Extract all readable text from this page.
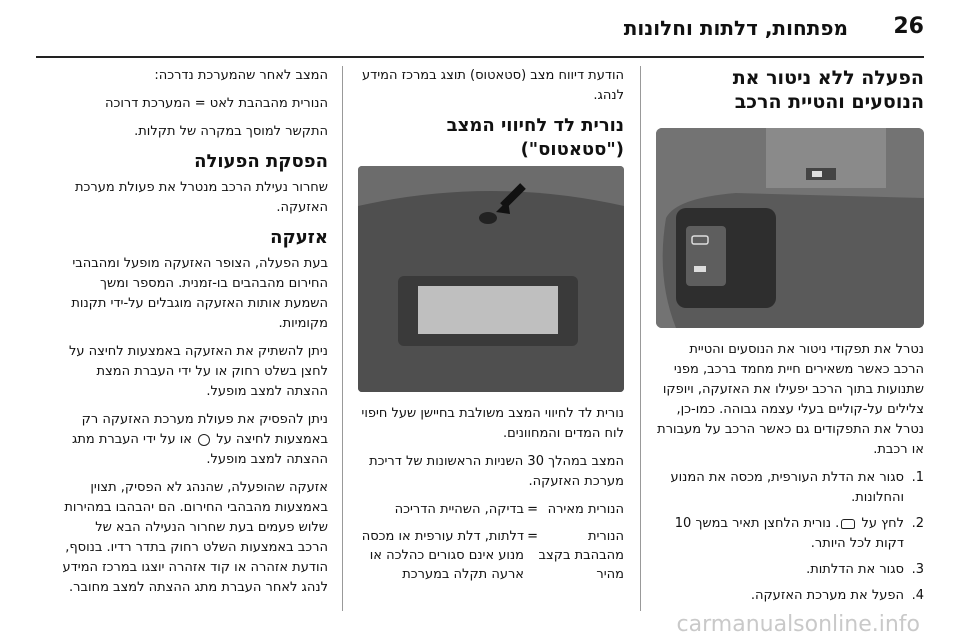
26
מפתחות, דלתות וחלונות
הפעלה ללא ניטור את הנוסעים והטיית הרכב
נטרל את תפקודי ניטור את הנוסעים והטיית הרכב כאשר משאירים חיית מחמד ברכב, מפני שתנועות בתוך הרכב יפעילו את האזעקה, ויופקו צלילים על-קוליים בעלי עצמה גבוהה. כמו-כן, נטרל את התפקודים גם כאשר הרכב על מעבורת או רכבת.
1.
סגור את הדלת העורפית, מכסה את המנוע והחלונות.
2.
לחץ על . נורית הלחצן תאיר במשך 10 דקות לכל היותר.
3.
סגור את הדלתות.
4.
הפעל את מערכת האזעקה.
הודעת דיווח מצב (סטאטוס) תוצג במרכז המידע לנהג.
נורית לד לחיווי המצב ("סטאטוס")
נורית לד לחיווי המצב משולבת בחיישן שעל חיפוי לוח המדים והמחוונים.
המצב במהלך 30 השניות הראשונות של דריכת מערכת האזעקה.
הנורית מאירה
=
בדיקה, השהיית הדריכה
הנורית מהבהבת בקצב מהיר
=
דלתות, דלת עורפית או מכסה מנוע אינם סגורים כהלכה או ארעה תקלה במערכת
המצב לאחר שהמערכת נדרכה:
הנורית מהבהבת לאט = המערכת דרוכה
התקשר למוסך במקרה של תקלות.
הפסקת הפעולה
שחרור נעילת הרכב מנטרל את פעולת מערכת האזעקה.
אזעקה
בעת הפעלה, הצופר האזעקה מופעל ומהבהבי החירום מהבהבים בו-זמנית. המספר ומשך השמעת אותות האזעקה מוגבלים על-ידי תקנות מקומיות.
ניתן להשתיק את האזעקה באמצעות לחיצה על לחצן בשלט רחוק או על ידי העברת המצת ההצתה למצב מופעל.
ניתן להפסיק את פעולת מערכת האזעקה רק באמצעות לחיצה על  או על ידי העברת מתג ההצתה למצב מופעל.
אזעקה שהופעלה, שהנהג לא הפסיק, תצוין באמצעות מהבהבי החירום. הם יהבהבו במהירות שלוש פעמים בעת שחרור הנעילה הבא של הרכב באמצעות השלט רחוק בתדר רדיו. בנוסף, הודעת אזהרה או קוד אזהרה יוצגו במרכז המידע לנהג לאחר העברת מתג ההצתה למצב מחובר.
carmanualsonline.info
